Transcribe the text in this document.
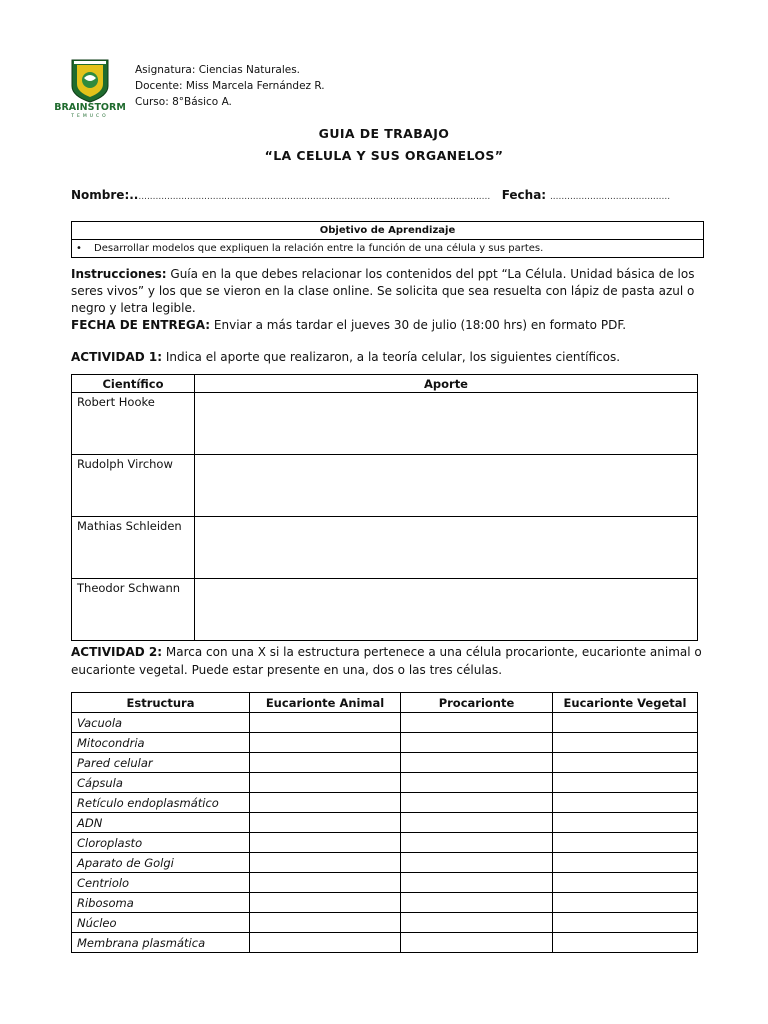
BRAINSTORM
TEMUCO
Asignatura: Ciencias Naturales.
Docente: Miss Marcela Fernández R.
Curso: 8°Básico A.
GUIA DE TRABAJO
“LA CELULA Y SUS ORGANELOS”
Nombre:............................................................................................................................. Fecha: ..........................................
Objetivo de Aprendizaje
• Desarrollar modelos que expliquen la relación entre la función de una célula y sus partes.
Instrucciones: Guía en la que debes relacionar los contenidos del ppt “La Célula. Unidad básica de los seres vivos” y los que se vieron en la clase online. Se solicita que sea resuelta con lápiz de pasta azul o negro y letra legible.
FECHA DE ENTREGA: Enviar a más tardar el jueves 30 de julio (18:00 hrs) en formato PDF.
ACTIVIDAD 1: Indica el aporte que realizaron, a la teoría celular, los siguientes científicos.
Científico	Aporte
Robert Hooke	
Rudolph Virchow	
Mathias Schleiden	
Theodor Schwann	
ACTIVIDAD 2: Marca con una X si la estructura pertenece a una célula procarionte, eucarionte animal o eucarionte vegetal. Puede estar presente en una, dos o las tres células.
Estructura	Eucarionte Animal	Procarionte	Eucarionte Vegetal
Vacuola			
Mitocondria			
Pared celular			
Cápsula			
Retículo endoplasmático			
ADN			
Cloroplasto			
Aparato de Golgi			
Centriolo			
Ribosoma			
Núcleo			
Membrana plasmática			
